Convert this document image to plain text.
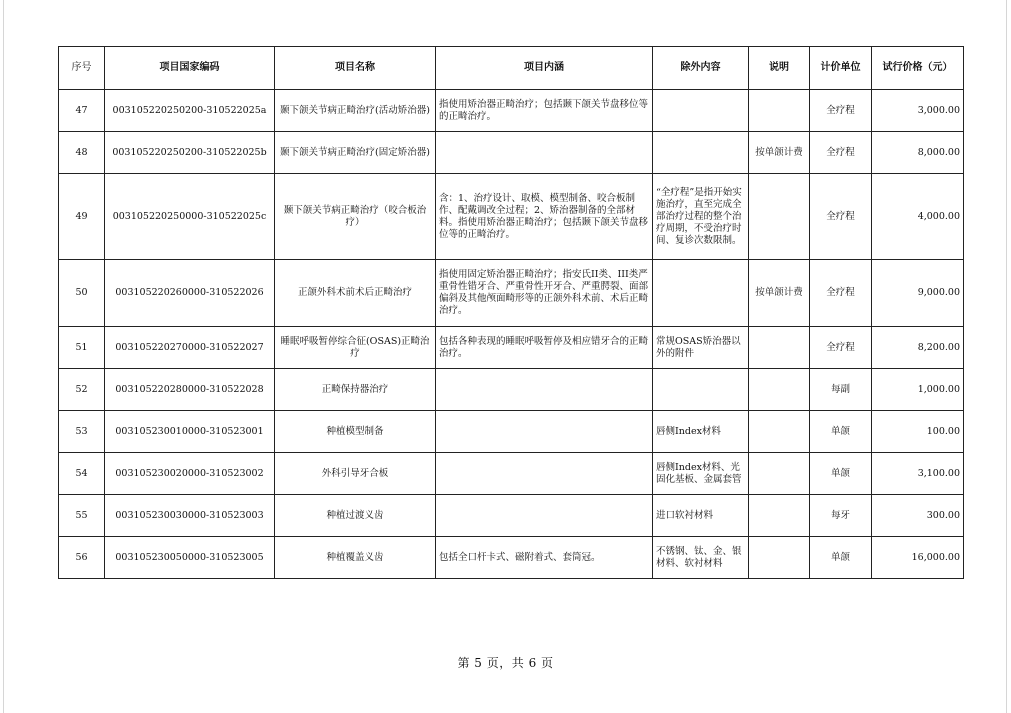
序号	项目国家编码	项目名称	项目内涵	除外内容	说明	计价单位	试行价格（元）
47	003105220250200-310522025a	颞下颌关节病正畸治疗(活动矫治器)	指使用矫治器正畸治疗；包括颞下颌关节盘移位等的正畸治疗。			全疗程	3,000.00
48	003105220250200-310522025b	颞下颌关节病正畸治疗(固定矫治器)			按单颌计费	全疗程	8,000.00
49	003105220250000-310522025c	颞下颌关节病正畸治疗（咬合板治疗）	含：1、治疗设计、取模、模型制备、咬合板制作、配戴调改全过程；2、矫治器制备的全部材料。指使用矫治器正畸治疗；包括颞下颌关节盘移位等的正畸治疗。	“全疗程”是指开始实施治疗，直至完成全部治疗过程的整个治疗周期，不受治疗时间、复诊次数限制。		全疗程	4,000.00
50	003105220260000-310522026	正颌外科术前术后正畸治疗	指使用固定矫治器正畸治疗；指安氏II类、III类严重骨性错牙合、严重骨性开牙合、严重腭裂、面部偏斜及其他颅面畸形等的正颌外科术前、术后正畸治疗。		按单颌计费	全疗程	9,000.00
51	003105220270000-310522027	睡眠呼吸暂停综合征(OSAS)正畸治疗	包括各种表现的睡眠呼吸暂停及相应错牙合的正畸治疗。	常规OSAS矫治器以外的附件		全疗程	8,200.00
52	003105220280000-310522028	正畸保持器治疗				每副	1,000.00
53	003105230010000-310523001	种植模型制备		唇侧Index材料		单颌	100.00
54	003105230020000-310523002	外科引导牙合板		唇侧Index材料、光固化基板、金属套管		单颌	3,100.00
55	003105230030000-310523003	种植过渡义齿		进口软衬材料		每牙	300.00
56	003105230050000-310523005	种植覆盖义齿	包括全口杆卡式、磁附着式、套筒冠。	不锈钢、钛、金、银材料、软衬材料		单颌	16,000.00
第 5 页，共 6 页
